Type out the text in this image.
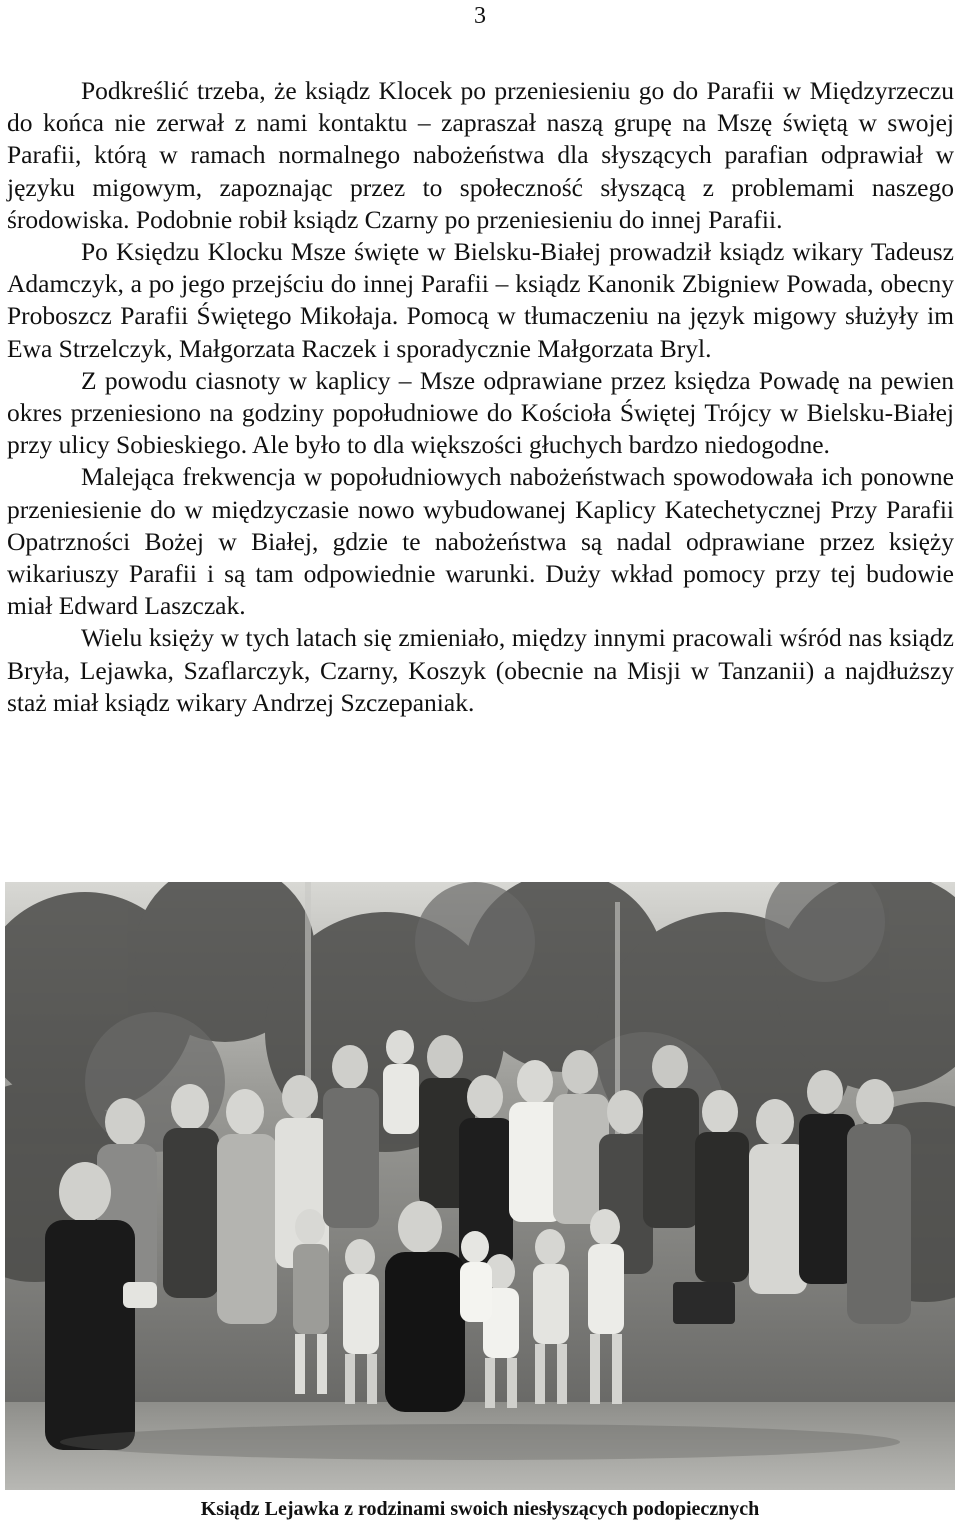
3

Podkreślić trzeba, że ksiądz Klocek po przeniesieniu go do Parafii w Międzyrzeczu do końca nie zerwał z nami kontaktu – zapraszał naszą grupę na Mszę świętą w swojej Parafii, którą w ramach normalnego nabożeństwa dla słyszących parafian odprawiał w języku migowym, zapoznając przez to społeczność słyszącą z problemami naszego środowiska. Podobnie robił ksiądz Czarny po przeniesieniu do innej Parafii.

Po Księdzu Klocku Msze święte w Bielsku-Białej prowadził ksiądz wikary Tadeusz Adamczyk, a po jego przejściu do innej Parafii – ksiądz Kanonik Zbigniew Powada, obecny Proboszcz Parafii Świętego Mikołaja. Pomocą w tłumaczeniu na język migowy służyły im Ewa Strzelczyk, Małgorzata Raczek i sporadycznie Małgorzata Bryl.

Z powodu ciasnoty w kaplicy – Msze odprawiane przez księdza Powadę na pewien okres przeniesiono na godziny popołudniowe do Kościoła Świętej Trójcy w Bielsku-Białej przy ulicy Sobieskiego. Ale było to dla większości głuchych bardzo niedogodne.

Malejąca frekwencja w popołudniowych nabożeństwach spowodowała ich ponowne przeniesienie do w międzyczasie nowo wybudowanej Kaplicy Katechetycznej Przy Parafii Opatrzności Bożej w Białej, gdzie te nabożeństwa są nadal odprawiane przez księży wikariuszy Parafii i są tam odpowiednie warunki. Duży wkład pomocy przy tej budowie miał Edward Laszczak.

Wielu księży w tych latach się zmieniało, między innymi pracowali wśród nas ksiądz Bryła, Lejawka, Szaflarczyk, Czarny, Koszyk (obecnie na Misji w Tanzanii) a najdłuższy staż miał ksiądz wikary Andrzej Szczepaniak.

Ksiądz Lejawka z rodzinami swoich niesłyszących podopiecznych
